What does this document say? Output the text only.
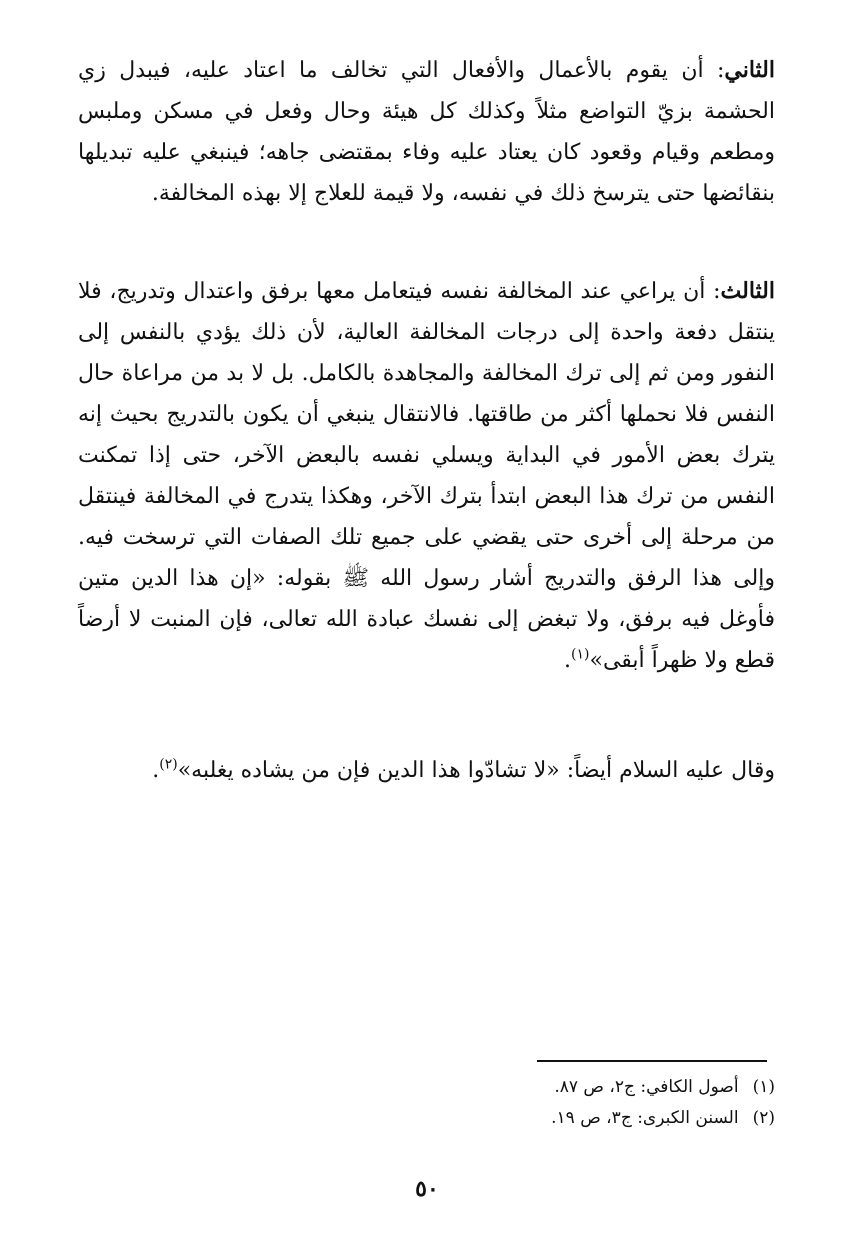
الثاني: أن يقوم بالأعمال والأفعال التي تخالف ما اعتاد عليه، فيبدل زي الحشمة بزيّ التواضع مثلاً وكذلك كل هيئة وحال وفعل في مسكن وملبس ومطعم وقيام وقعود كان يعتاد عليه وفاء بمقتضى جاهه؛ فينبغي عليه تبديلها بنقائضها حتى يترسخ ذلك في نفسه، ولا قيمة للعلاج إلا بهذه المخالفة.

الثالث: أن يراعي عند المخالفة نفسه فيتعامل معها برفق واعتدال وتدريج، فلا ينتقل دفعة واحدة إلى درجات المخالفة العالية، لأن ذلك يؤدي بالنفس إلى النفور ومن ثم إلى ترك المخالفة والمجاهدة بالكامل. بل لا بد من مراعاة حال النفس فلا نحملها أكثر من طاقتها. فالانتقال ينبغي أن يكون بالتدريج بحيث إنه يترك بعض الأمور في البداية ويسلي نفسه بالبعض الآخر، حتى إذا تمكنت النفس من ترك هذا البعض ابتدأ بترك الآخر، وهكذا يتدرج في المخالفة فينتقل من مرحلة إلى أخرى حتى يقضي على جميع تلك الصفات التي ترسخت فيه. وإلى هذا الرفق والتدريج أشار رسول الله ﷺ بقوله: «إن هذا الدين متين فأوغل فيه برفق، ولا تبغض إلى نفسك عبادة الله تعالى، فإن المنبت لا أرضاً قطع ولا ظهراً أبقى»$^{(١)}$.

وقال عليه السلام أيضاً: «لا تشادّوا هذا الدين فإن من يشاده يغلبه»$^{(٢)}$.

(١)
أصول الكافي: ج٢، ص ٨٧.
(٢)
السنن الكبرى: ج٣، ص ١٩.
٥٠
